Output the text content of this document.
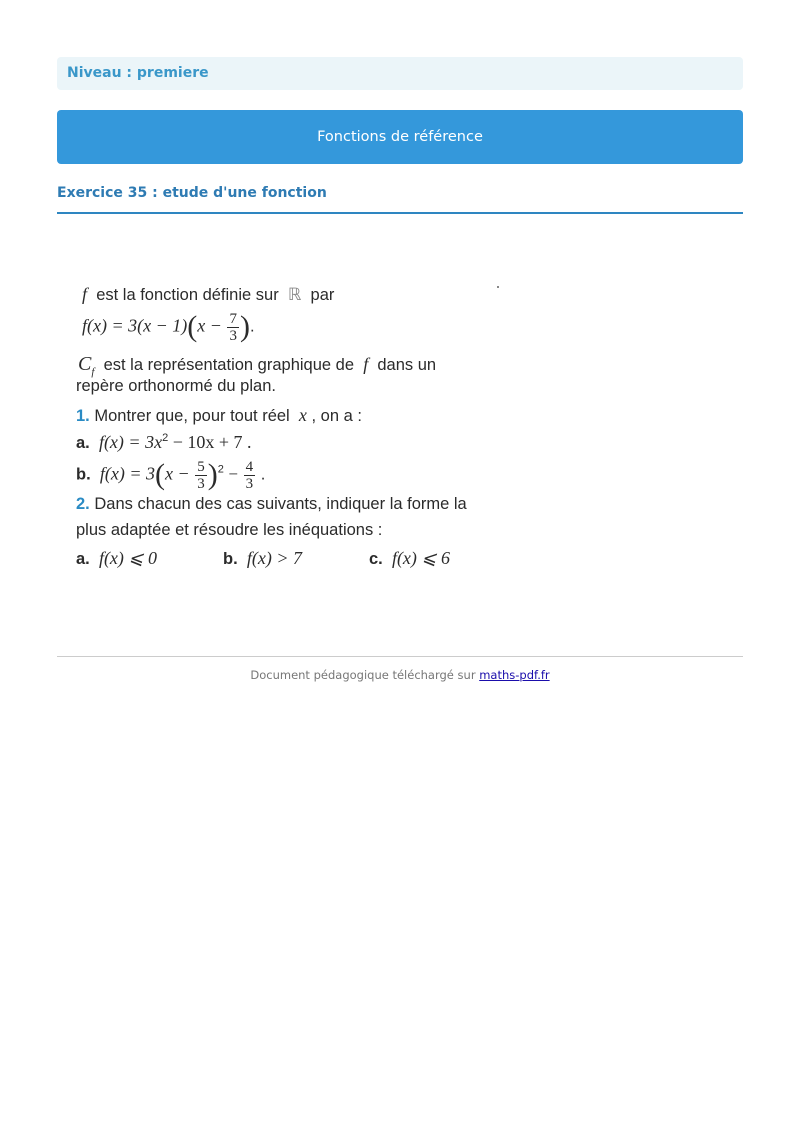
Niveau : premiere
Fonctions de référence
Exercice 35 : etude d'une fonction
f est la fonction définie sur ℝ par
$f(x) = 3(x - 1)(x - \frac{7}{3}$ ).
$C_f$ est la représentation graphique de f dans un
repère orthonormé du plan.
1. Montrer que, pour tout réel x , on a :
a. $f(x) = 3x^2 - 10x + 7$ .
b. $f(x) = 3(x - \frac{5}{3} )^2 - \frac{4}{3}$ .
2. Dans chacun des cas suivants, indiquer la forme la
plus adaptée et résoudre les inéquations :
a. f(x) ⩽ 0	b. f(x) > 7	c. f(x) ⩽ 6
Document pédagogique téléchargé sur maths-pdf.fr
